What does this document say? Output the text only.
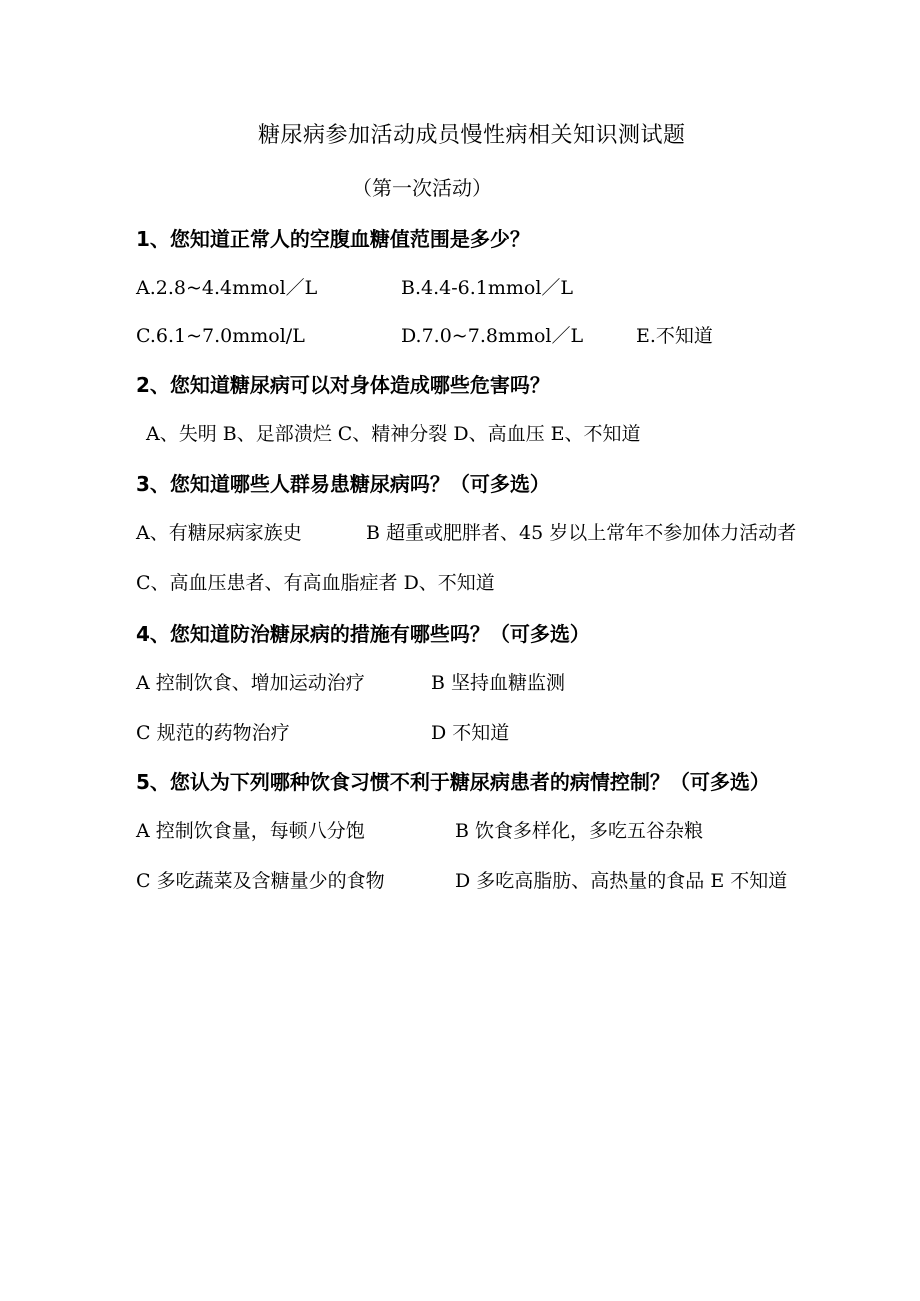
糖尿病参加活动成员慢性病相关知识测试题
（第一次活动）
1、您知道正常人的空腹血糖值范围是多少？
A.2.8~4.4mmol／L	B.4.4-6.1mmol／L
C.6.1~7.0mmol/L	D.7.0~7.8mmol／L	E.不知道
2、您知道糖尿病可以对身体造成哪些危害吗？
A、失明 B、足部溃烂 C、精神分裂 D、高血压 E、不知道
3、您知道哪些人群易患糖尿病吗？（可多选）
A、有糖尿病家族史	B 超重或肥胖者、45 岁以上常年不参加体力活动者
C、高血压患者、有高血脂症者 D、不知道
4、您知道防治糖尿病的措施有哪些吗？（可多选）
A 控制饮食、增加运动治疗	B 坚持血糖监测
C 规范的药物治疗	D 不知道
5、您认为下列哪种饮食习惯不利于糖尿病患者的病情控制？（可多选）
A 控制饮食量，每顿八分饱	B 饮食多样化，多吃五谷杂粮
C 多吃蔬菜及含糖量少的食物	D 多吃高脂肪、高热量的食品 E 不知道
